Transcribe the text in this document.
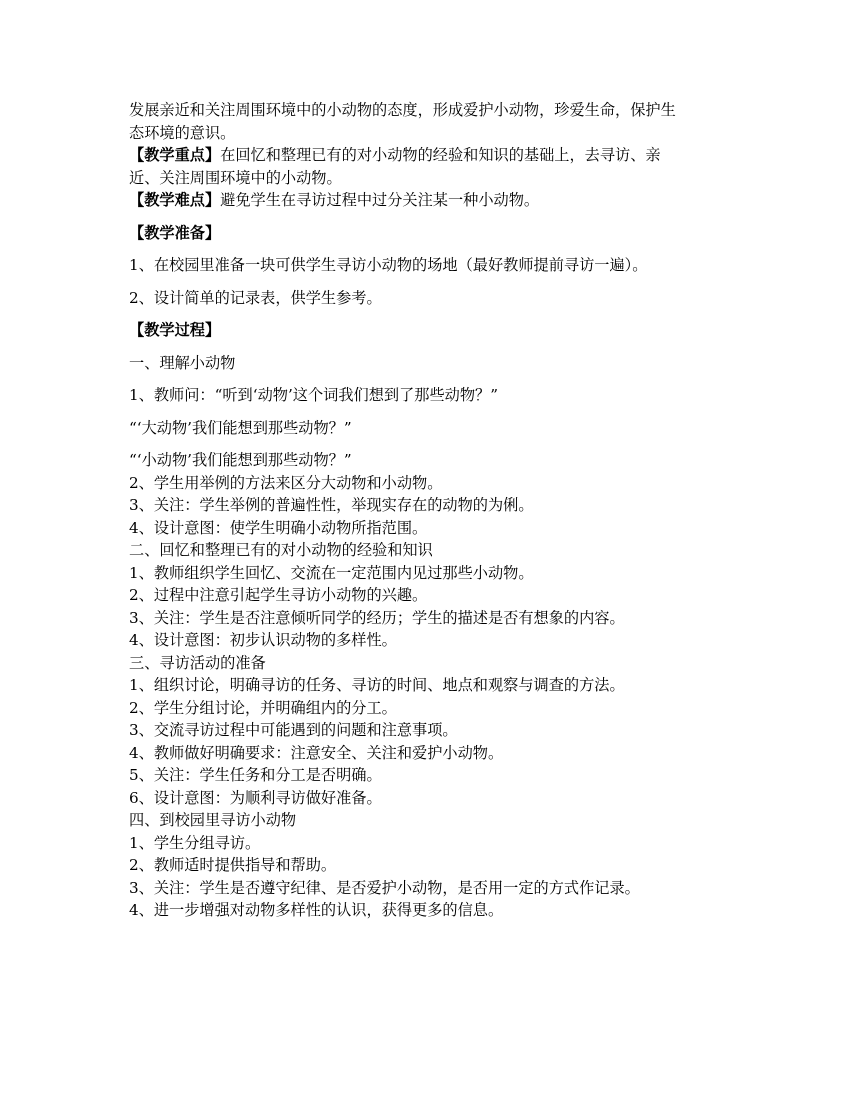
发展亲近和关注周围环境中的小动物的态度，形成爱护小动物，珍爱生命，保护生

态环境的意识。

【教学重点】在回忆和整理已有的对小动物的经验和知识的基础上，去寻访、亲

近、关注周围环境中的小动物。

【教学难点】避免学生在寻访过程中过分关注某一种小动物。

【教学准备】

1、在校园里准备一块可供学生寻访小动物的场地（最好教师提前寻访一遍）。

2、设计简单的记录表，供学生参考。

【教学过程】

一、理解小动物

1、教师问：“听到‘动物’这个词我们想到了那些动物？”

“‘大动物’我们能想到那些动物？”

“‘小动物’我们能想到那些动物？”

2、学生用举例的方法来区分大动物和小动物。

3、关注：学生举例的普遍性性，举现实存在的动物的为俐。

4、设计意图：使学生明确小动物所指范围。

二、回忆和整理已有的对小动物的经验和知识

1、教师组织学生回忆、交流在一定范围内见过那些小动物。

2、过程中注意引起学生寻访小动物的兴趣。

3、关注：学生是否注意倾听同学的经历；学生的描述是否有想象的内容。

4、设计意图：初步认识动物的多样性。

三、寻访活动的准备

1、组织讨论，明确寻访的任务、寻访的时间、地点和观察与调查的方法。

2、学生分组讨论，并明确组内的分工。

3、交流寻访过程中可能遇到的问题和注意事项。

4、教师做好明确要求：注意安全、关注和爱护小动物。

5、关注：学生任务和分工是否明确。

6、设计意图：为顺利寻访做好准备。

四、到校园里寻访小动物

1、学生分组寻访。

2、教师适时提供指导和帮助。

3、关注：学生是否遵守纪律、是否爱护小动物，是否用一定的方式作记录。

4、进一步增强对动物多样性的认识，获得更多的信息。
